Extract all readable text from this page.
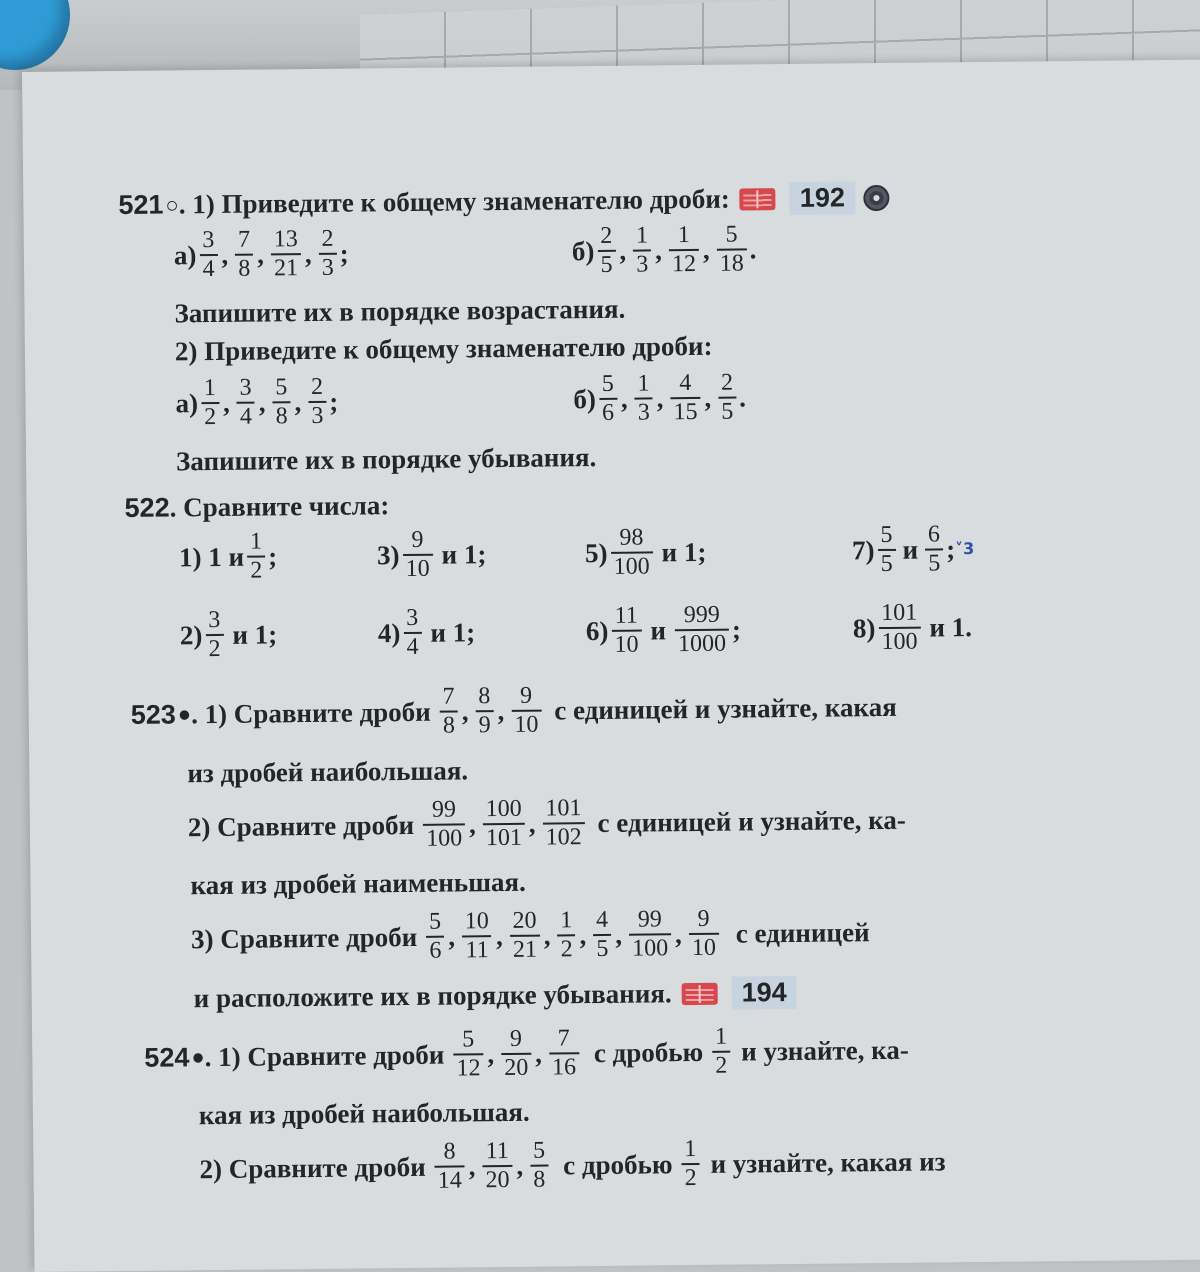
521 ○ . 1) Приведите к общему знаменателю дроби:	192
$а) \frac{3}{4}$ , $\frac{7}{8}$ , $\frac{13}{21}$ , $\frac{2}{3}$ ;	$б) \frac{2}{5}$ , $\frac{1}{3}$ , $\frac{1}{12}$ , $\frac{5}{18}$ .
Запишите их в порядке возрастания.
2) Приведите к общему знаменателю дроби:
$а) \frac{1}{2}$ , $\frac{3}{4}$ , $\frac{5}{8}$ , $\frac{2}{3}$ ;	$б) \frac{5}{6}$ , $\frac{1}{3}$ , $\frac{4}{15}$ , $\frac{2}{5}$ .
Запишите их в порядке убывания.
522 . Сравните числа:
1) 1 и $\frac{1}{2}$ ;	$3) \frac{9}{10}$ и 1;	$5) \frac{98}{100}$ и 1;	$7) \frac{5}{5}$ и $\frac{6}{5}$ ; ˅3
$2) \frac{3}{2}$ и 1;	$4) \frac{3}{4}$ и 1;	$6) \frac{11}{10}$ и $\frac{999}{1000}$ ;	$8) \frac{101}{100}$ и 1.
523 ● . 1) Сравните дроби $\frac{7}{8}$ , $\frac{8}{9}$ , $\frac{9}{10}$ с единицей и узнайте, какая
из дробей наибольшая.
2) Сравните дроби $\frac{99}{100}$ , $\frac{100}{101}$ , $\frac{101}{102}$ с единицей и узнайте, ка-
кая из дробей наименьшая.
3) Сравните дроби $\frac{5}{6}$ , $\frac{10}{11}$ , $\frac{20}{21}$ , $\frac{1}{2}$ , $\frac{4}{5}$ , $\frac{99}{100}$ , $\frac{9}{10}$ с единицей
и расположите их в порядке убывания.	194
524 ● . 1) Сравните дроби $\frac{5}{12}$ , $\frac{9}{20}$ , $\frac{7}{16}$ с дробью $\frac{1}{2}$ и узнайте, ка-
кая из дробей наибольшая.
2) Сравните дроби $\frac{8}{14}$ , $\frac{11}{20}$ , $\frac{5}{8}$ с дробью $\frac{1}{2}$ и узнайте, какая из
